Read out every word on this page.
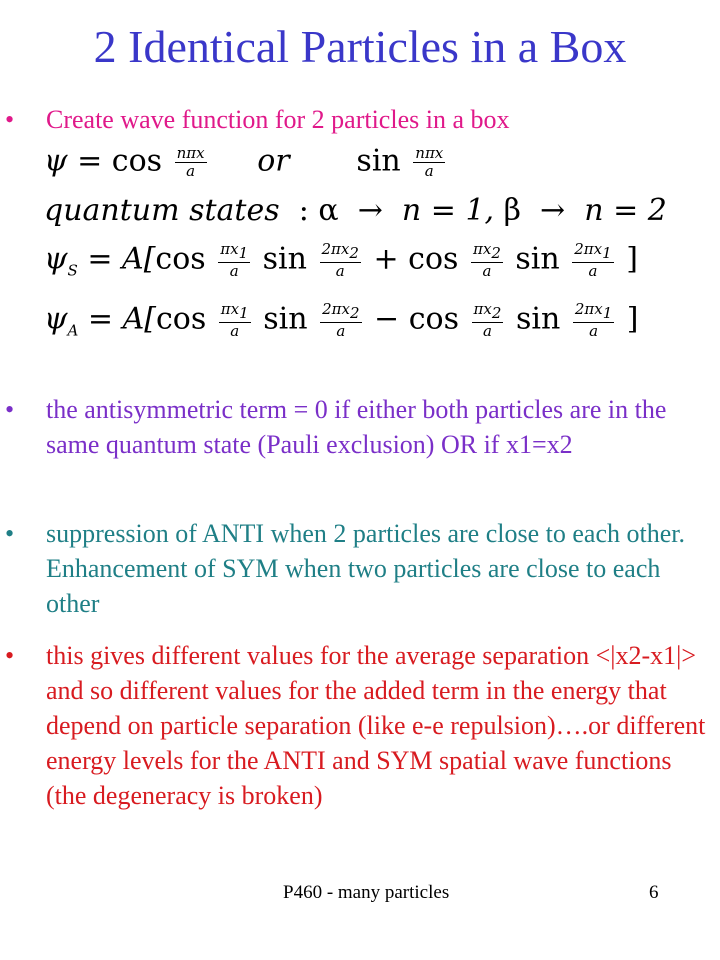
2 Identical Particles in a Box
• Create wave function for 2 particles in a box
$\psi = \cos \frac{\text{nπx}}{a}$ or $\sin \frac{\text{nπx}}{a}$
quantum states : α → n = 1, β → n = 2
$\psi_S = A[\cos \frac{\pi x_1}{a}$ $\sin \frac{2\pi x_2}{a} + \cos \frac{\pi x_2}{a}$ $\sin \frac{2\pi x_1}{a}$ ]
$\psi_A = A[\cos \frac{\pi x_1}{a}$ $\sin \frac{2\pi x_2}{a} - \cos \frac{\pi x_2}{a}$ $\sin \frac{2\pi x_1}{a}$ ]
• the antisymmetric term = 0 if either both particles are in the same quantum state (Pauli exclusion) OR if x1=x2
• suppression of ANTI when 2 particles are close to each other. Enhancement of SYM when two particles are close to each other
• this gives different values for the average separation <|x2-x1|> and so different values for the added term in the energy that depend on particle separation (like e-e repulsion)….or different energy levels for the ANTI and SYM spatial wave functions (the degeneracy is broken)
P460 - many particles	6
